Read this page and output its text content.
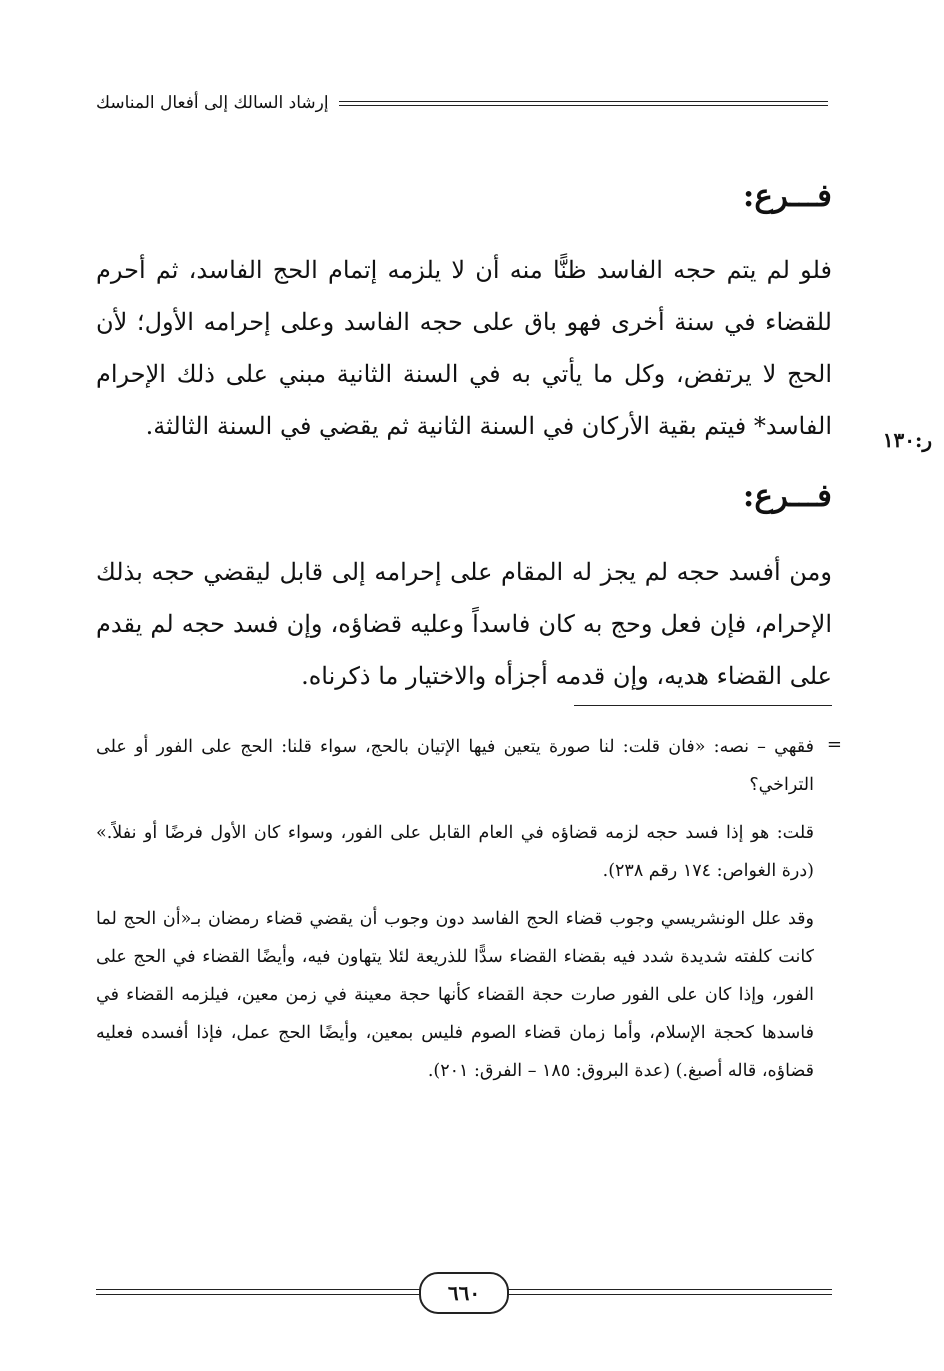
إرشاد السالك إلى أفعال المناسك
فـــرع:

فلو لم يتم حجه الفاسد ظنًّا منه أن لا يلزمه إتمام الحج الفاسد، ثم أحرم للقضاء في سنة أخرى فهو باق على حجه الفاسد وعلى إحرامه الأول؛ لأن الحج لا يرتفض، وكل ما يأتي به في السنة الثانية مبني على ذلك الإحرام الفاسد* فيتم بقية الأركان في السنة الثانية ثم يقضي في السنة الثالثة.	ر:١٣٠
فـــرع:

ومن أفسد حجه لم يجز له المقام على إحرامه إلى قابل ليقضي حجه بذلك الإحرام، فإن فعل وحج به كان فاسداً وعليه قضاؤه، وإن فسد حجه لم يقدم على القضاء هديه، وإن قدمه أجزأه والاختيار ما ذكرناه.

=

فقهي – نصه: «فان قلت: لنا صورة يتعين فيها الإتيان بالحج، سواء قلنا: الحج على الفور أو على التراخي؟

قلت: هو إذا فسد حجه لزمه قضاؤه في العام القابل على الفور، وسواء كان الأول فرضًا أو نفلاً.» (درة الغواص: ١٧٤ رقم ٢٣٨).

وقد علل الونشريسي وجوب قضاء الحج الفاسد دون وجوب أن يقضي قضاء رمضان بـ«أن الحج لما كانت كلفته شديدة شدد فيه بقضاء القضاء سدًّا للذريعة لئلا يتهاون فيه، وأيضًا القضاء في الحج على الفور، وإذا كان على الفور صارت حجة القضاء كأنها حجة معينة في زمن معين، فيلزمه القضاء في فاسدها كحجة الإسلام، وأما زمان قضاء الصوم فليس بمعين، وأيضًا الحج عمل، فإذا أفسده فعليه قضاؤه، قاله أصبغ.) (عدة البروق: ١٨٥ – الفرق: ٢٠١).

٦٦٠
